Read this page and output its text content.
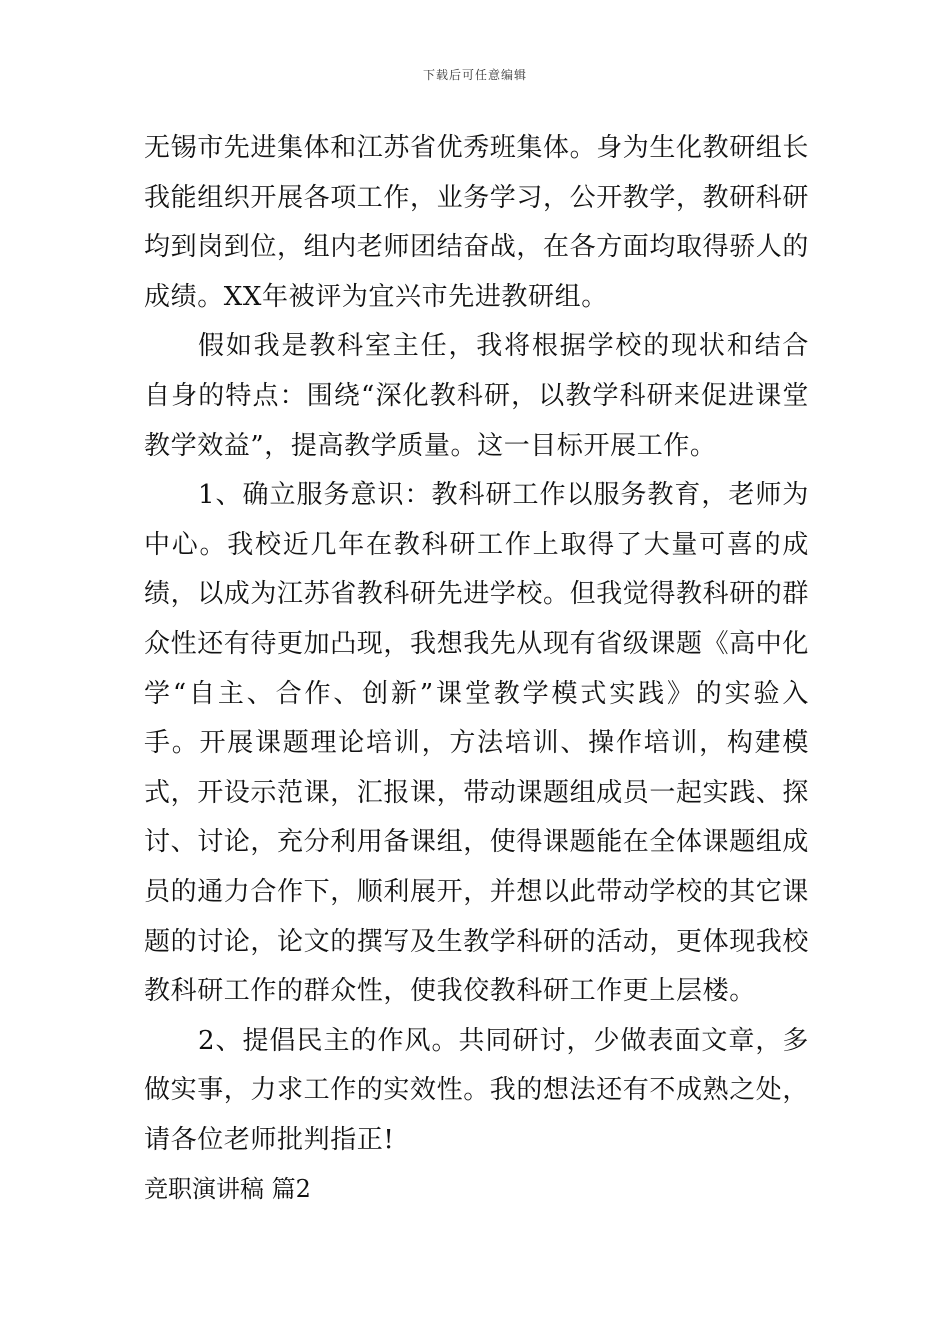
下载后可任意编辑

无锡市先进集体和江苏省优秀班集体。身为生化教研组长我能组织开展各项工作，业务学习，公开教学，教研科研均到岗到位，组内老师团结奋战，在各方面均取得骄人的成绩。XX年被评为宜兴市先进教研组。

假如我是教科室主任，我将根据学校的现状和结合自身的特点：围绕“深化教科研，以教学科研来促进课堂教学效益”，提高教学质量。这一目标开展工作。

1、确立服务意识：教科研工作以服务教育，老师为中心。我校近几年在教科研工作上取得了大量可喜的成绩，以成为江苏省教科研先进学校。但我觉得教科研的群众性还有待更加凸现，我想我先从现有省级课题《高中化学“自主、合作、创新”课堂教学模式实践》的实验入手。开展课题理论培训，方法培训、操作培训，构建模式，开设示范课，汇报课，带动课题组成员一起实践、探讨、讨论，充分利用备课组，使得课题能在全体课题组成员的通力合作下，顺利展开，并想以此带动学校的其它课题的讨论，论文的撰写及生教学科研的活动，更体现我校教科研工作的群众性，使我佼教科研工作更上层楼。

2、提倡民主的作风。共同研讨，少做表面文章，多做实事，力求工作的实效性。我的想法还有不成熟之处，请各位老师批判指正!

竞职演讲稿 篇2
